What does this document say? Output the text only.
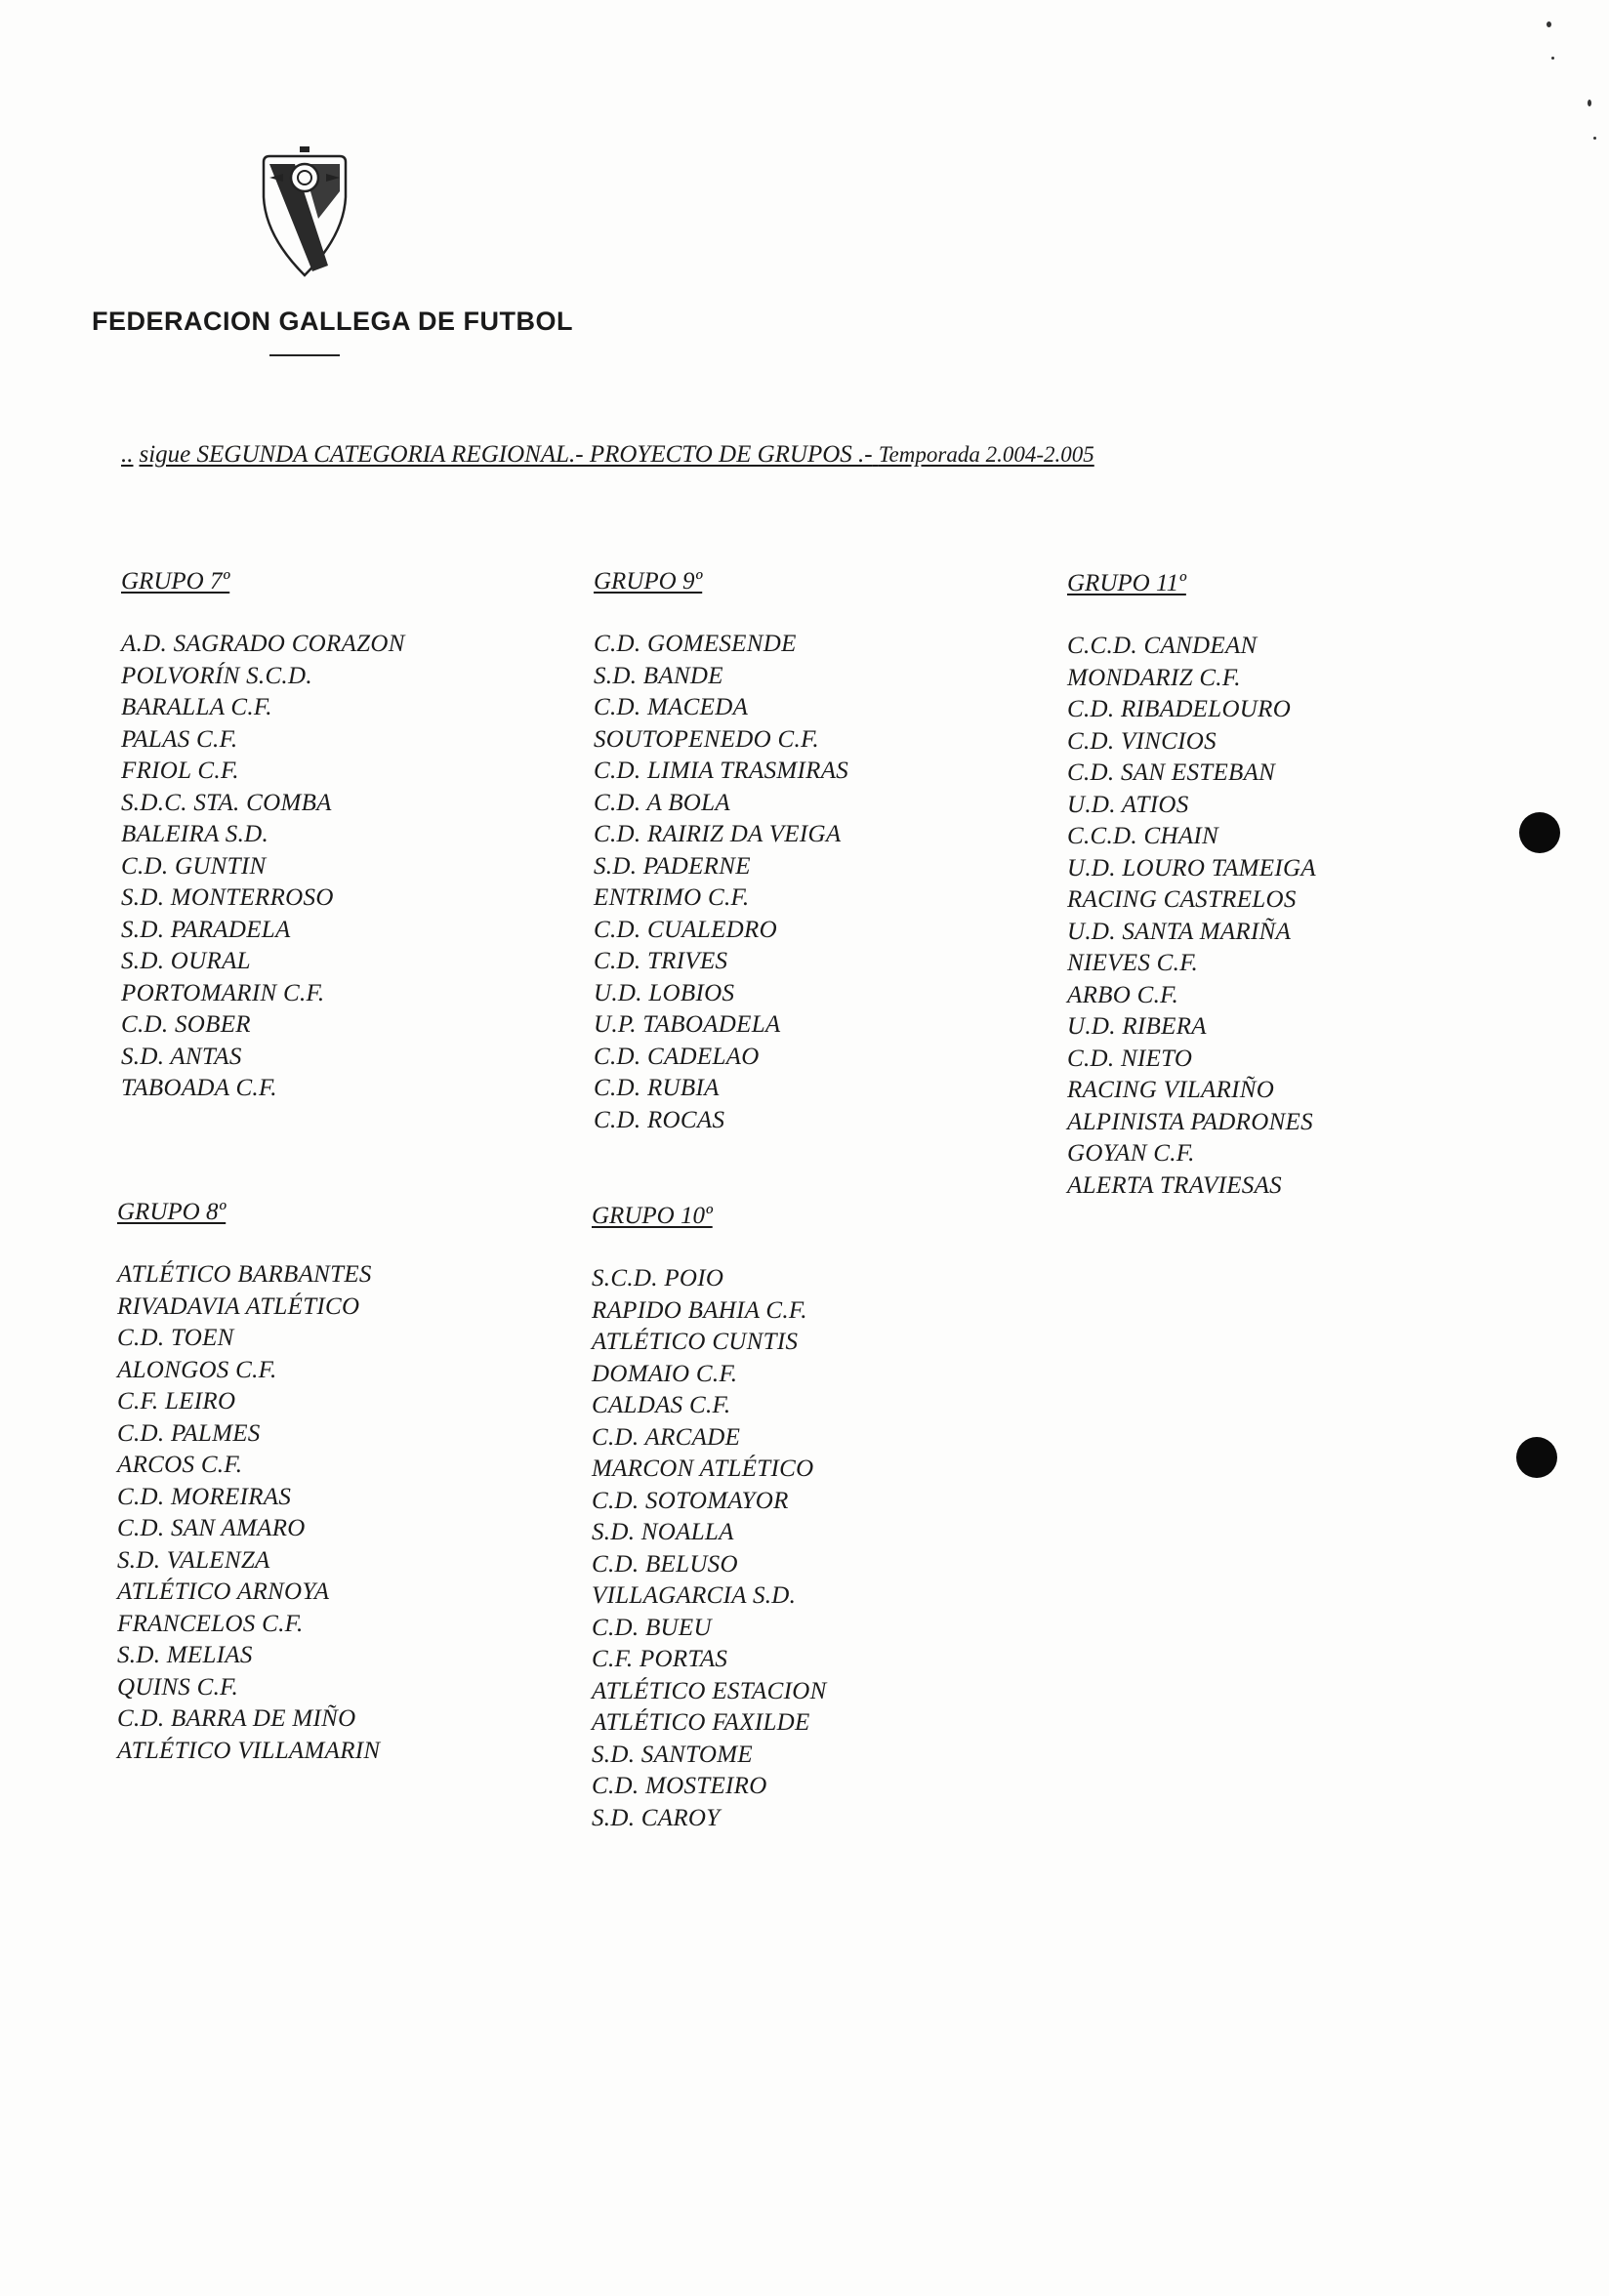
FEDERACION GALLEGA DE FUTBOL
.. sigue SEGUNDA CATEGORIA REGIONAL.- PROYECTO DE GRUPOS .- Temporada 2.004-2.005
GRUPO 7º
A.D. SAGRADO CORAZON
POLVORÍN S.C.D.
BARALLA C.F.
PALAS C.F.
FRIOL C.F.
S.D.C. STA. COMBA
BALEIRA S.D.
C.D. GUNTIN
S.D. MONTERROSO
S.D. PARADELA
S.D. OURAL
PORTOMARIN C.F.
C.D. SOBER
S.D. ANTAS
TABOADA C.F.
GRUPO 8º
ATLÉTICO BARBANTES
RIVADAVIA ATLÉTICO
C.D. TOEN
ALONGOS C.F.
C.F. LEIRO
C.D. PALMES
ARCOS C.F.
C.D. MOREIRAS
C.D. SAN AMARO
S.D. VALENZA
ATLÉTICO ARNOYA
FRANCELOS C.F.
S.D. MELIAS
QUINS C.F.
C.D. BARRA DE MIÑO
ATLÉTICO VILLAMARIN
GRUPO 9º
C.D. GOMESENDE
S.D. BANDE
C.D. MACEDA
SOUTOPENEDO C.F.
C.D. LIMIA TRASMIRAS
C.D. A BOLA
C.D. RAIRIZ DA VEIGA
S.D. PADERNE
ENTRIMO C.F.
C.D. CUALEDRO
C.D. TRIVES
U.D. LOBIOS
U.P. TABOADELA
C.D. CADELAO
C.D. RUBIA
C.D. ROCAS
GRUPO 10º
S.C.D. POIO
RAPIDO BAHIA C.F.
ATLÉTICO CUNTIS
DOMAIO C.F.
CALDAS C.F.
C.D. ARCADE
MARCON ATLÉTICO
C.D. SOTOMAYOR
S.D. NOALLA
C.D. BELUSO
VILLAGARCIA S.D.
C.D. BUEU
C.F. PORTAS
ATLÉTICO ESTACION
ATLÉTICO FAXILDE
S.D. SANTOME
C.D. MOSTEIRO
S.D. CAROY
GRUPO 11º
C.C.D. CANDEAN
MONDARIZ C.F.
C.D. RIBADELOURO
C.D. VINCIOS
C.D. SAN ESTEBAN
U.D. ATIOS
C.C.D. CHAIN
U.D. LOURO TAMEIGA
RACING CASTRELOS
U.D. SANTA MARIÑA
NIEVES C.F.
ARBO C.F.
U.D. RIBERA
C.D. NIETO
RACING VILARIÑO
ALPINISTA PADRONES
GOYAN C.F.
ALERTA TRAVIESAS
